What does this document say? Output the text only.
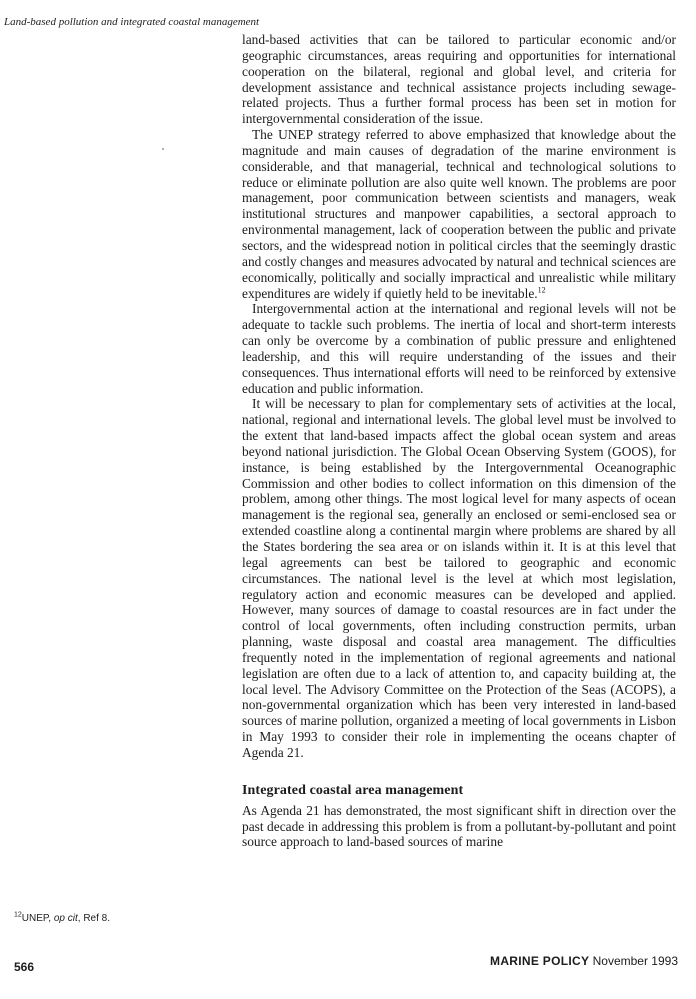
Land-based pollution and integrated coastal management

land-based activities that can be tailored to particular economic and/or geographic circumstances, areas requiring and opportunities for international cooperation on the bilateral, regional and global level, and criteria for development assistance and technical assistance projects including sewage-related projects. Thus a further formal process has been set in motion for intergovernmental consideration of the issue.

The UNEP strategy referred to above emphasized that knowledge about the magnitude and main causes of degradation of the marine environment is considerable, and that managerial, technical and technological solutions to reduce or eliminate pollution are also quite well known. The problems are poor management, poor communication between scientists and managers, weak institutional structures and manpower capabilities, a sectoral approach to environmental management, lack of cooperation between the public and private sectors, and the widespread notion in political circles that the seemingly drastic and costly changes and measures advocated by natural and technical sciences are economically, politically and socially impractical and unrealistic while military expenditures are widely if quietly held to be inevitable.$^{12}$

Intergovernmental action at the international and regional levels will not be adequate to tackle such problems. The inertia of local and short-term interests can only be overcome by a combination of public pressure and enlightened leadership, and this will require understanding of the issues and their consequences. Thus international efforts will need to be reinforced by extensive education and public information.

It will be necessary to plan for complementary sets of activities at the local, national, regional and international levels. The global level must be involved to the extent that land-based impacts affect the global ocean system and areas beyond national jurisdiction. The Global Ocean Observing System (GOOS), for instance, is being established by the Intergovernmental Oceanographic Commission and other bodies to collect information on this dimension of the problem, among other things. The most logical level for many aspects of ocean management is the regional sea, generally an enclosed or semi-enclosed sea or extended coastline along a continental margin where problems are shared by all the States bordering the sea area or on islands within it. It is at this level that legal agreements can best be tailored to geographic and economic circumstances. The national level is the level at which most legislation, regulatory action and economic measures can be developed and applied. However, many sources of damage to coastal resources are in fact under the control of local governments, often including construction permits, urban planning, waste disposal and coastal area management. The difficulties frequently noted in the implementation of regional agreements and national legislation are often due to a lack of attention to, and capacity building at, the local level. The Advisory Committee on the Protection of the Seas (ACOPS), a non-governmental organization which has been very interested in land-based sources of marine pollution, organized a meeting of local governments in Lisbon in May 1993 to consider their role in implementing the oceans chapter of Agenda 21.

Integrated coastal area management

As Agenda 21 has demonstrated, the most significant shift in direction over the past decade in addressing this problem is from a pollutant-by-pollutant and point source approach to land-based sources of marine

$^{12}$UNEP, op cit, Ref 8.
566	MARINE POLICY November 1993
